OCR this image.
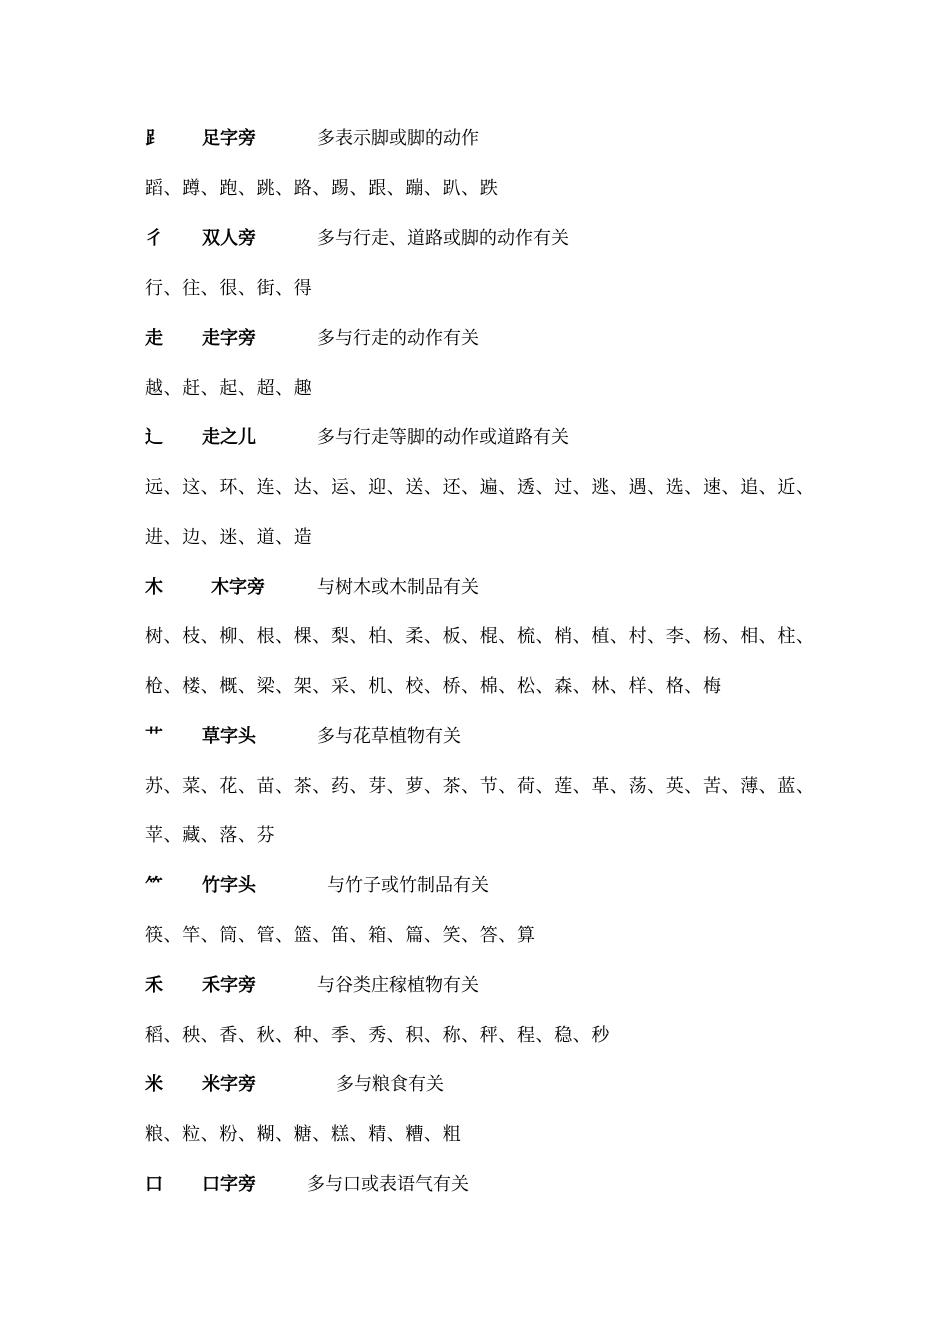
⻊ 足字旁	多表示脚或脚的动作
蹈、蹲、跑、跳、路、踢、跟、蹦、趴、跌
彳 双人旁	多与行走、道路或脚的动作有关
行、往、很、街、得
走 走字旁	多与行走的动作有关
越、赶、起、超、趣
辶 走之儿	多与行走等脚的动作或道路有关
远、这、环、连、达、运、迎、送、还、遍、透、过、逃、遇、选、速、追、近、
进、边、迷、道、造
木	木字旁	与树木或木制品有关
树、枝、柳、根、棵、梨、柏、柔、板、棍、梳、梢、植、村、李、杨、相、柱、
枪、楼、概、梁、架、采、机、校、桥、棉、松、森、林、样、格、梅
艹 草字头	多与花草植物有关
苏、菜、花、苗、茶、药、芽、萝、茶、节、荷、莲、革、荡、英、苦、薄、蓝、
苹、藏、落、芬
⺮ 竹字头	与竹子或竹制品有关
筷、竿、筒、管、篮、笛、箱、篇、笑、答、算
禾 禾字旁	与谷类庄稼植物有关
稻、秧、香、秋、种、季、秀、积、称、秤、程、稳、秒
米 米字旁	多与粮食有关
粮、粒、粉、糊、糖、糕、精、糟、粗
口 口字旁	多与口或表语气有关
